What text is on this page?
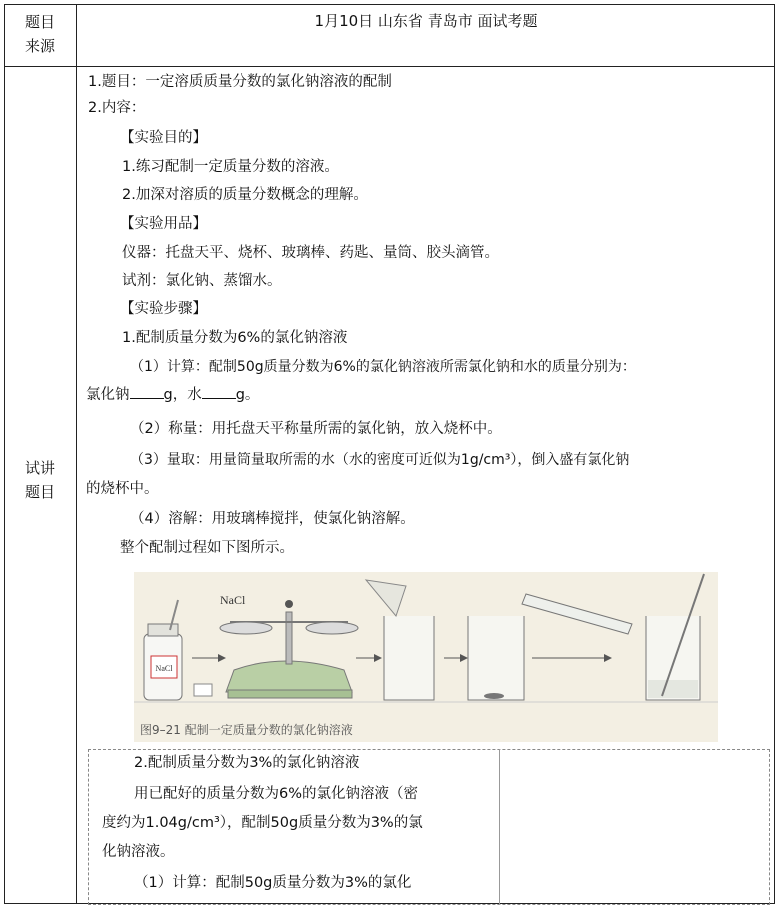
题目
来源
1月10日 山东省 青岛市 面试考题
试讲
题目
1.题目：一定溶质质量分数的氯化钠溶液的配制
2.内容：
【实验目的】
1.练习配制一定质量分数的溶液。
2.加深对溶质的质量分数概念的理解。
【实验用品】
仪器：托盘天平、烧杯、玻璃棒、药匙、量筒、胶头滴管。
试剂：氯化钠、蒸馏水。
【实验步骤】
1.配制质量分数为6%的氯化钠溶液
（1）计算：配制50g质量分数为6%的氯化钠溶液所需氯化钠和水的质量分别为：
氯化钠 g，水 g。
（2）称量：用托盘天平称量所需的氯化钠，放入烧杯中。
（3）量取：用量筒量取所需的水（水的密度可近似为1g/cm³），倒入盛有氯化钠
的烧杯中。
（4）溶解：用玻璃棒搅拌，使氯化钠溶解。
整个配制过程如下图所示。
NaCl
NaCl
图9–21 配制一定质量分数的氯化钠溶液
2.配制质量分数为3%的氯化钠溶液
用已配好的质量分数为6%的氯化钠溶液（密
度约为1.04g/cm³），配制50g质量分数为3%的氯
化钠溶液。
（1）计算：配制50g质量分数为3%的氯化
